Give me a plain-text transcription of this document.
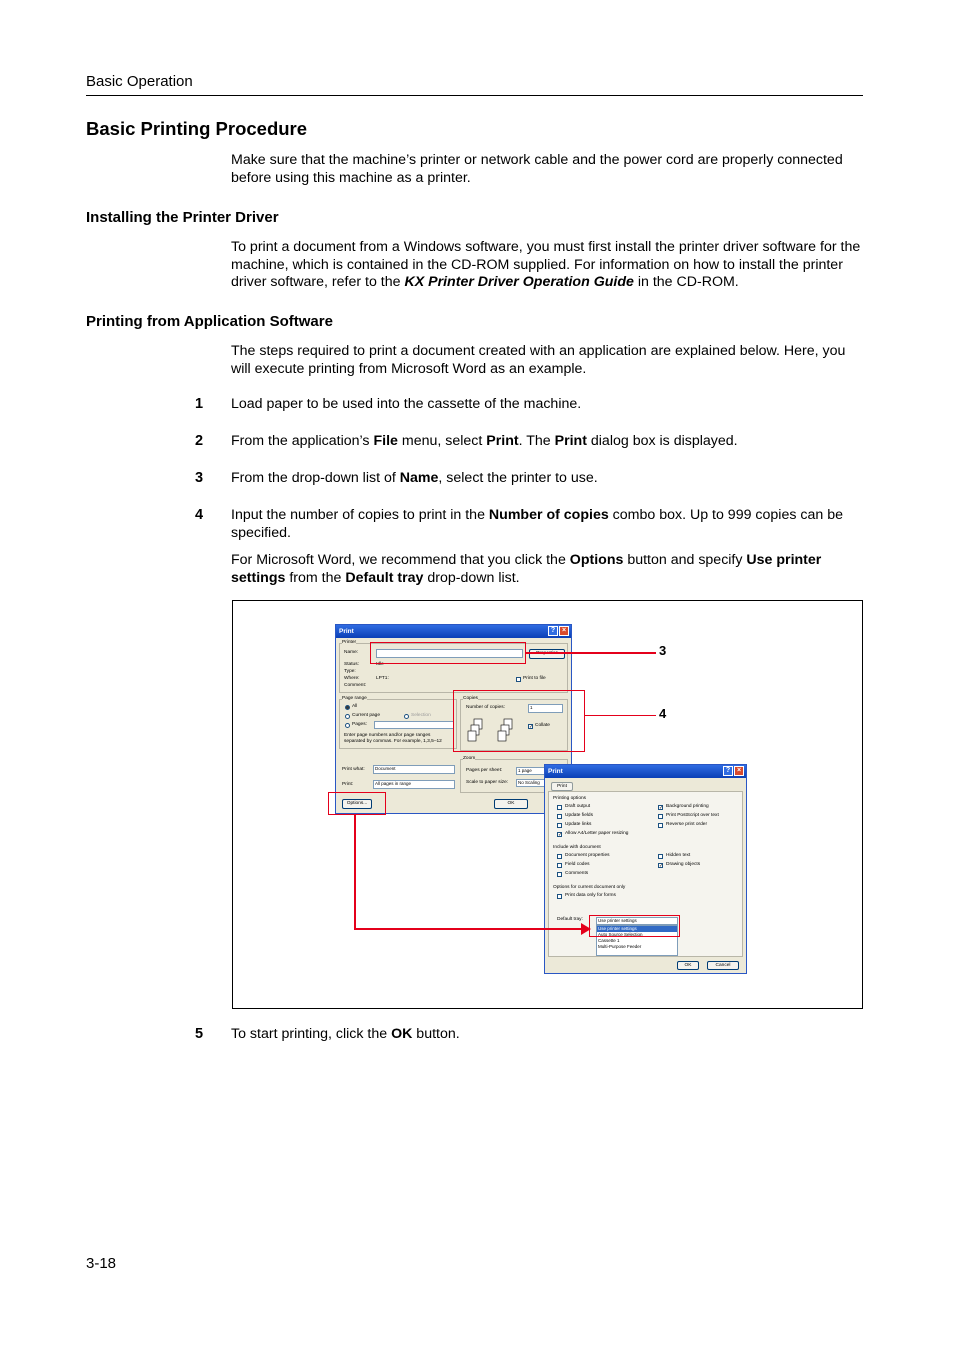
Basic Operation
Basic Printing Procedure
Make sure that the machine’s printer or network cable and the power cord are properly connected before using this machine as a printer.
Installing the Printer Driver
To print a document from a Windows software, you must first install the printer driver software for the machine, which is contained in the CD-ROM supplied. For information on how to install the printer driver software, refer to the KX Printer Driver Operation Guide in the CD-ROM.
Printing from Application Software
The steps required to print a document created with an application are explained below. Here, you will execute printing from Microsoft Word as an example.
1 Load paper to be used into the cassette of the machine.
2 From the application’s File menu, select Print. The Print dialog box is displayed.
3 From the drop-down list of Name, select the printer to use.
4 Input the number of copies to print in the Number of copies combo box. Up to 999 copies can be specified.
For Microsoft Word, we recommend that you click the Options button and specify Use printer settings from the Default tray drop-down list.
Print	? ×
Printer
Name:
Status:	Idle
Type:
Where:	LPT1:
Comment:
Print to file
Page range
All
Current page	Selection
Pages:
Enter page numbers and/or page ranges
separated by commas. For example, 1,3,5–12
Copies
Number of copies:	1
✓ Collate
Zoom
Pages per sheet:	1 page
Scale to paper size:	No Scaling
Print what:	Document
Print:	All pages in range
Options...	OK
Print	? ×
Print
Printing options
Draft output
Update fields
Update links
✓ Allow A4/Letter paper resizing
✓ Background printing
Print PostScript over text
Reverse print order
Include with document
Document properties
Field codes
Comments
Hidden text
✓ Drawing objects
Options for current document only
Print data only for forms
Default tray:	Use printer settings
Use printer settings
Auto Source Selection
Cassette 1
Multi-Purpose Feeder
OK	Cancel
3
4
5 To start printing, click the OK button.
3-18
